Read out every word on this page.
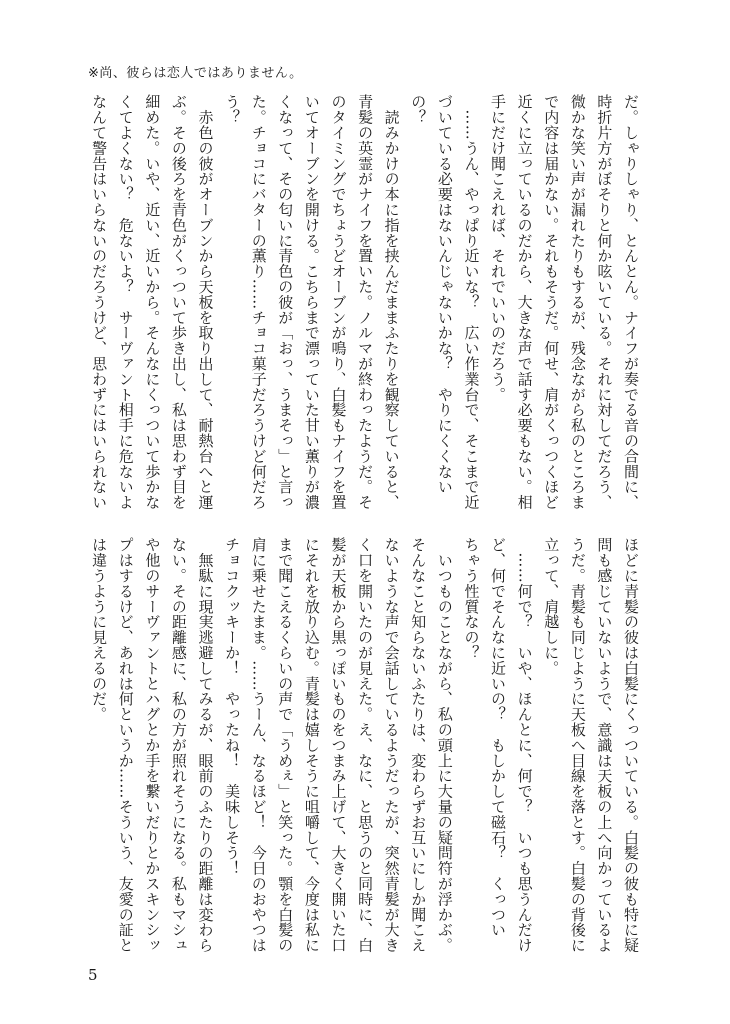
※尚、彼らは恋人ではありません。
だ。しゃりしゃり、とんとん。ナイフが奏でる音の合間に、
時折片方がぼそりと何か呟いている。それに対してだろう、
微かな笑い声が漏れたりもするが、残念ながら私のところま
で内容は届かない。それもそうだ。何せ、肩がくっつくほど
近くに立っているのだから、大きな声で話す必要もない。相
手にだけ聞こえれば、それでいいのだろう。
　……うん、やっぱり近いな？　広い作業台で、そこまで近
づいている必要はないんじゃないかな？　やりにくくない
の？
　読みかけの本に指を挟んだままふたりを観察していると、
青髪の英霊がナイフを置いた。ノルマが終わったようだ。そ
のタイミングでちょうどオーブンが鳴り、白髪もナイフを置
いてオーブンを開ける。こちらまで漂っていた甘い薫りが濃
くなって、その匂いに青色の彼が「おっ、うまそっ」と言っ
た。チョコにバターの薫り……チョコ菓子だろうけど何だろ
う？
　赤色の彼がオーブンから天板を取り出して、耐熱台へと運
ぶ。その後ろを青色がくっついて歩き出し、私は思わず目を
細めた。いや、近い、近いから。そんなにくっついて歩かな
くてよくない？　危ないよ？　サーヴァント相手に危ないよ
なんて警告はいらないのだろうけど、思わずにはいられない
ほどに青髪の彼は白髪にくっついている。白髪の彼も特に疑
問も感じていないようで、意識は天板の上へ向かっているよ
うだ。青髪も同じように天板へ目線を落とす。白髪の背後に
立って、肩越しに。
　……何で？　いや、ほんとに、何で？　いつも思うんだけ
ど、何でそんなに近いの？　もしかして磁石？　くっつい
ちゃう性質なの？
　いつものことながら、私の頭上に大量の疑問符が浮かぶ。
そんなこと知らないふたりは、変わらずお互いにしか聞こえ
ないような声で会話しているようだったが、突然青髪が大き
く口を開いたのが見えた。え、なに、と思うのと同時に、白
髪が天板から黒っぽいものをつまみ上げて、大きく開いた口
にそれを放り込む。青髪は嬉しそうに咀嚼して、今度は私に
まで聞こえるくらいの声で「うめぇ」と笑った。顎を白髪の
肩に乗せたまま。……うーん、なるほど！　今日のおやつは
チョコクッキーか！　やったね！　美味しそう！
　無駄に現実逃避してみるが、眼前のふたりの距離は変わら
ない。その距離感に、私の方が照れそうになる。私もマシュ
や他のサーヴァントとハグとか手を繋いだりとかスキンシッ
プはするけど、あれは何というか……そういう、友愛の証と
は違うように見えるのだ。
5
